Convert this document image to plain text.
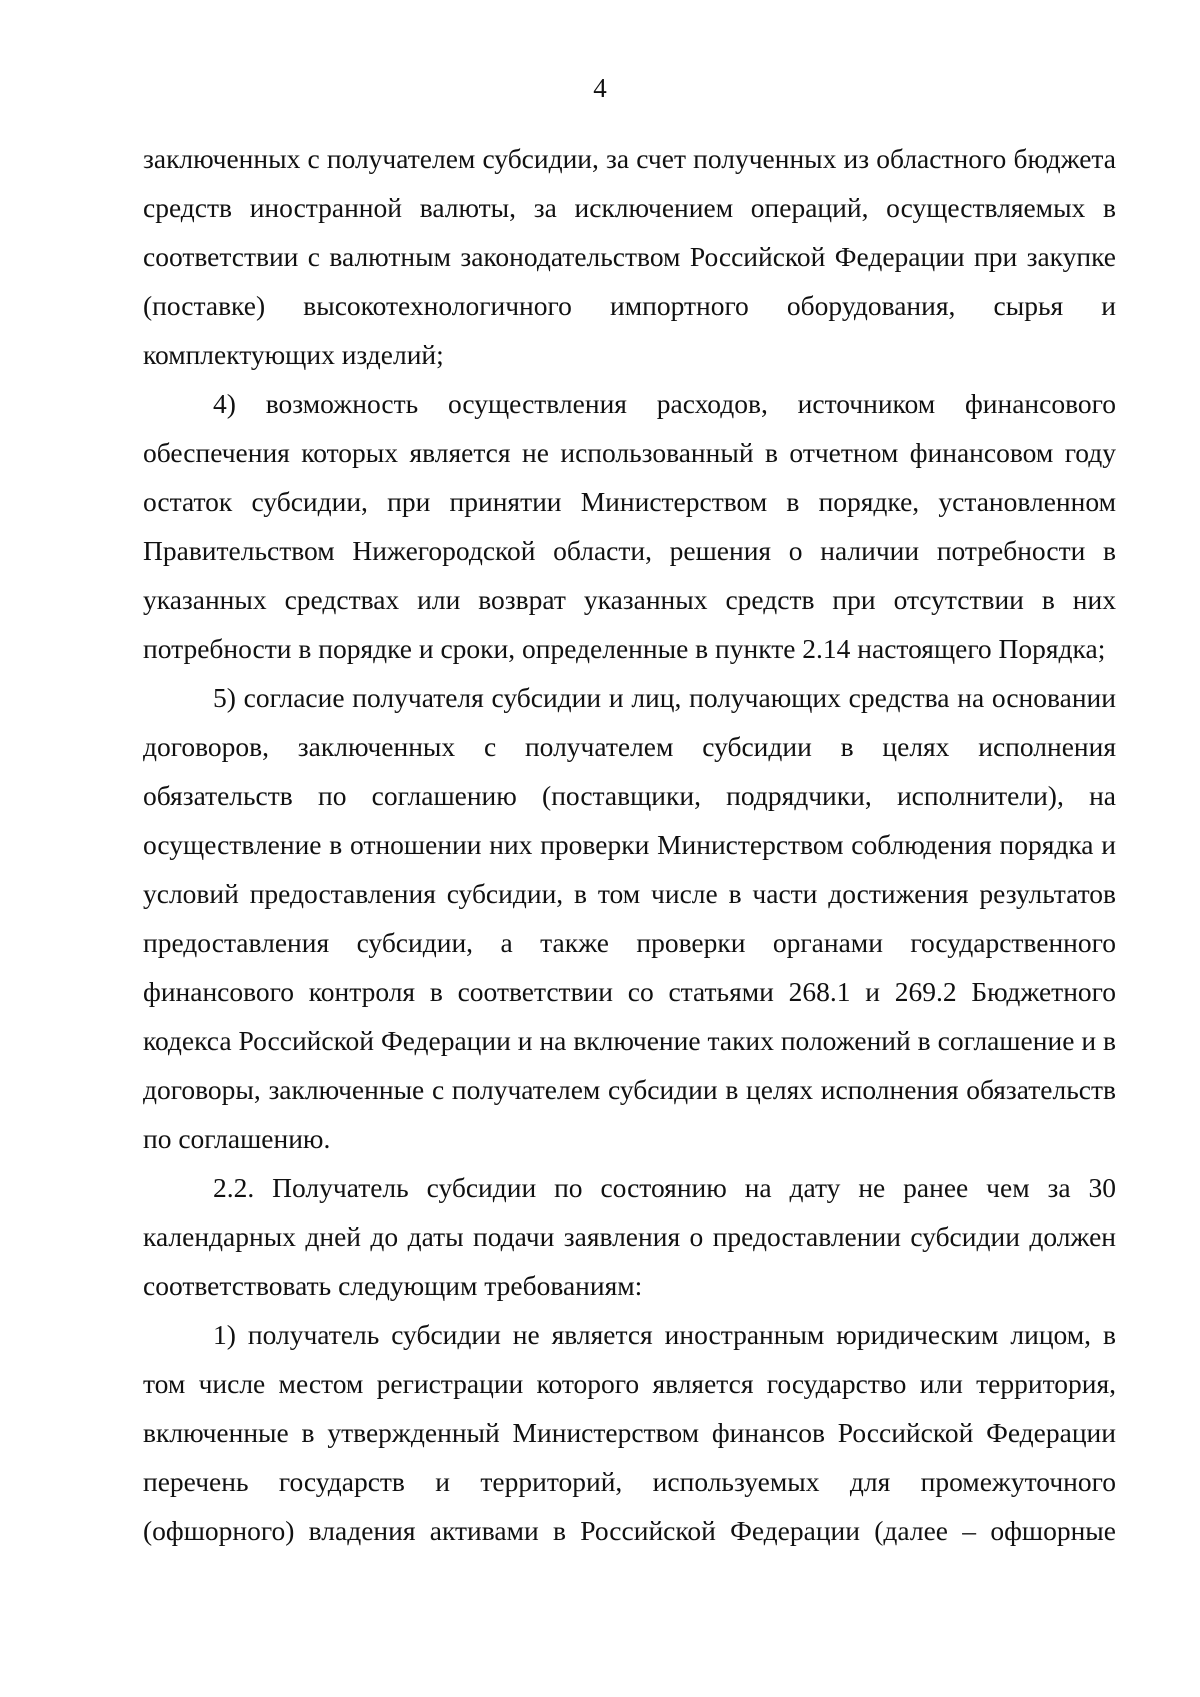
4

заключенных с получателем субсидии, за счет полученных из областного бюджета средств иностранной валюты, за исключением операций, осуществляемых в соответствии с валютным законодательством Российской Федерации при закупке (поставке) высокотехнологичного импортного оборудования, сырья и комплектующих изделий;

4) возможность осуществления расходов, источником финансового обеспечения которых является не использованный в отчетном финансовом году остаток субсидии, при принятии Министерством в порядке, установленном Правительством Нижегородской области, решения о наличии потребности в указанных средствах или возврат указанных средств при отсутствии в них потребности в порядке и сроки, определенные в пункте 2.14 настоящего Порядка;

5) согласие получателя субсидии и лиц, получающих средства на основании договоров, заключенных с получателем субсидии в целях исполнения обязательств по соглашению (поставщики, подрядчики, исполнители), на осуществление в отношении них проверки Министерством соблюдения порядка и условий предоставления субсидии, в том числе в части достижения результатов предоставления субсидии, а также проверки органами государственного финансового контроля в соответствии со статьями 268.1 и 269.2 Бюджетного кодекса Российской Федерации и на включение таких положений в соглашение и в договоры, заключенные с получателем субсидии в целях исполнения обязательств по соглашению.

2.2. Получатель субсидии по состоянию на дату не ранее чем за 30 календарных дней до даты подачи заявления о предоставлении субсидии должен соответствовать следующим требованиям:

1) получатель субсидии не является иностранным юридическим лицом, в том числе местом регистрации которого является государство или территория, включенные в утвержденный Министерством финансов Российской Федерации перечень государств и территорий, используемых для промежуточного (офшорного) владения активами в Российской Федерации (далее – офшорные
